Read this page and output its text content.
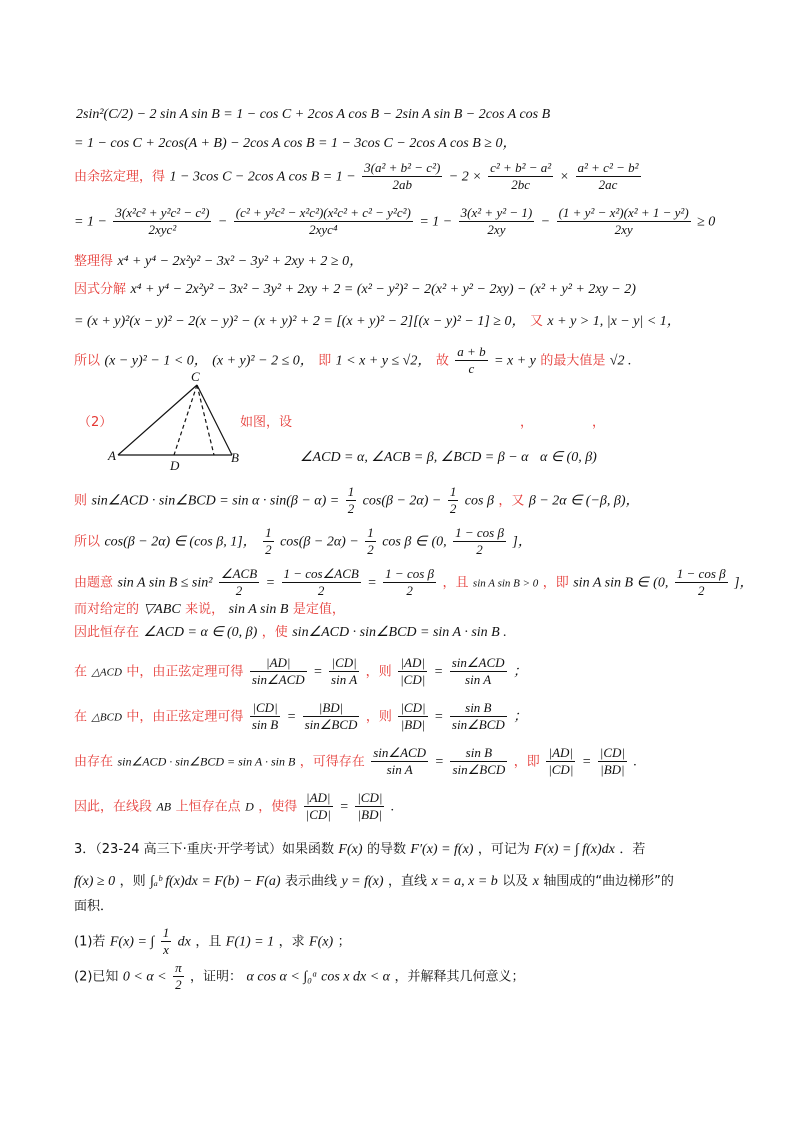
2sin²(C/2) − 2 sin A sin B = 1 − cos C + 2cos A cos B − 2sin A sin B − 2cos A cos B
= 1 − cos C + 2cos(A + B) − 2cos A cos B = 1 − 3cos C − 2cos A cos B ≥ 0，
由余弦定理，得 1 − 3cos C − 2cos A $\cos B = 1 - \frac{\text{3(a² + b² − c²)}}{2ab} - 2 \times \frac{\text{c² + b² − a²}}{2bc} \times \frac{\text{a² + c² − b²}}{2ac}$
= $1 - \frac{\text{3(x²c² + y²c² − c²)}}{\text{2xyc²}} - \frac{\text{(c² + y²c² − x²c²)(x²c² + c² − y²c²)}}{\text{2xyc⁴}} = 1 - \frac{\text{3(x² + y² − 1)}}{2xy} - \frac{\text{(1 + y² − x²)(x² + 1 − y²)}}{2xy} \ge 0$
整理得 x⁴ + y⁴ − 2x²y² − 3x² − 3y² + 2xy + 2 ≥ 0，
因式分解 x⁴ + y⁴ − 2x²y² − 3x² − 3y² + 2xy + 2 = (x² − y²)² − 2(x² + y² − 2xy) − (x² + y² + 2xy − 2)
= (x + y)²(x − y)² − 2(x − y)² − (x + y)² + 2 = [(x + y)² − 2][(x − y)² − 1] ≥ 0， 又 x + y > 1, |x − y| < 1，
所以 (x − y)² − 1 < 0， (x + y)² − 2 ≤ 0， 即 1 < x + y ≤ √2， 故 $\frac{a + b}{c} = x + y$ 的最大值是 √2 .
C
A
D
B
（2）	如图，设	，	，
∠ACD = α, ∠ACB = β, ∠BCD = β − α α ∈ (0, β)
则 sin∠ACD · sin∠BCD = $\sin \alpha \cdot \sin(\beta - \alpha) = \frac{1}{2} \cos(\beta - 2\alpha) - \frac{1}{2}$ cos β ，又 β − 2α ∈ (−β, β)，
所以 cos(β − 2α) ∈ (cos β, 1]， $\frac{1}{2} \cos(\beta - 2\alpha) - \frac{1}{2}$ cos β ∈ (0, $\frac{\text{1 − cos β}}{2}$ ]，
由题意 sin A $\sin B \le \sin^2 \frac{\text{∠ACB}}{2} = \frac{\text{1 − cos∠ACB}}{2} = \frac{\text{1 − cos β}}{2}$ ，且 sin A sin B > 0 ，即 sin A sin B ∈ (0, $\frac{\text{1 − cos β}}{2}$ ]，
而对给定的 ▽ABC 来说， sin A sin B 是定值，
因此恒存在 ∠ACD = α ∈ (0, β) ，使 sin∠ACD · sin∠BCD = sin A · sin B .
在 △ACD 中，由正弦定理可得 $\frac{|AD|}{\text{sin∠ACD}} = \frac{|CD|}{\text{sin A}}$ ，则 $\frac{|AD|}{|CD|} = \frac{\text{sin∠ACD}}{\text{sin A}}$ ；
在 △BCD 中，由正弦定理可得 $\frac{|CD|}{\text{sin B}} = \frac{|BD|}{\text{sin∠BCD}}$ ，则 $\frac{|CD|}{|BD|} = \frac{\text{sin B}}{\text{sin∠BCD}}$ ；
由存在 sin∠ACD · sin∠BCD = sin A · sin B ，可得存在 $\frac{\text{sin∠ACD}}{\text{sin A}} = \frac{\text{sin B}}{\text{sin∠BCD}}$ ，即 $\frac{|AD|}{|CD|} = \frac{|CD|}{|BD|}$ .
因此，在线段 AB 上恒存在点 D ，使得 $\frac{|AD|}{|CD|} = \frac{|CD|}{|BD|}$ .
3．（23-24 高三下·重庆·开学考试）如果函数 F(x) 的导数 F′(x) = f(x) ，可记为 F(x) = ∫ f(x)dx ．若
f(x) ≥ 0 ，则 ∫ₐᵇ f(x)dx = F(b) − F(a) 表示曲线 y = f(x) ，直线 x = a, x = b 以及 x 轴围成的“曲边梯形”的
面积．
(1)若 F(x) = ∫ $\frac{1}{x}$ dx ，且 F(1) = 1 ，求 F(x) ；
(2)已知 $0 < \alpha < \frac{\pi}{2}$ ，证明： α cos α < ∫₀ᵅ cos x dx < α ，并解释其几何意义；
